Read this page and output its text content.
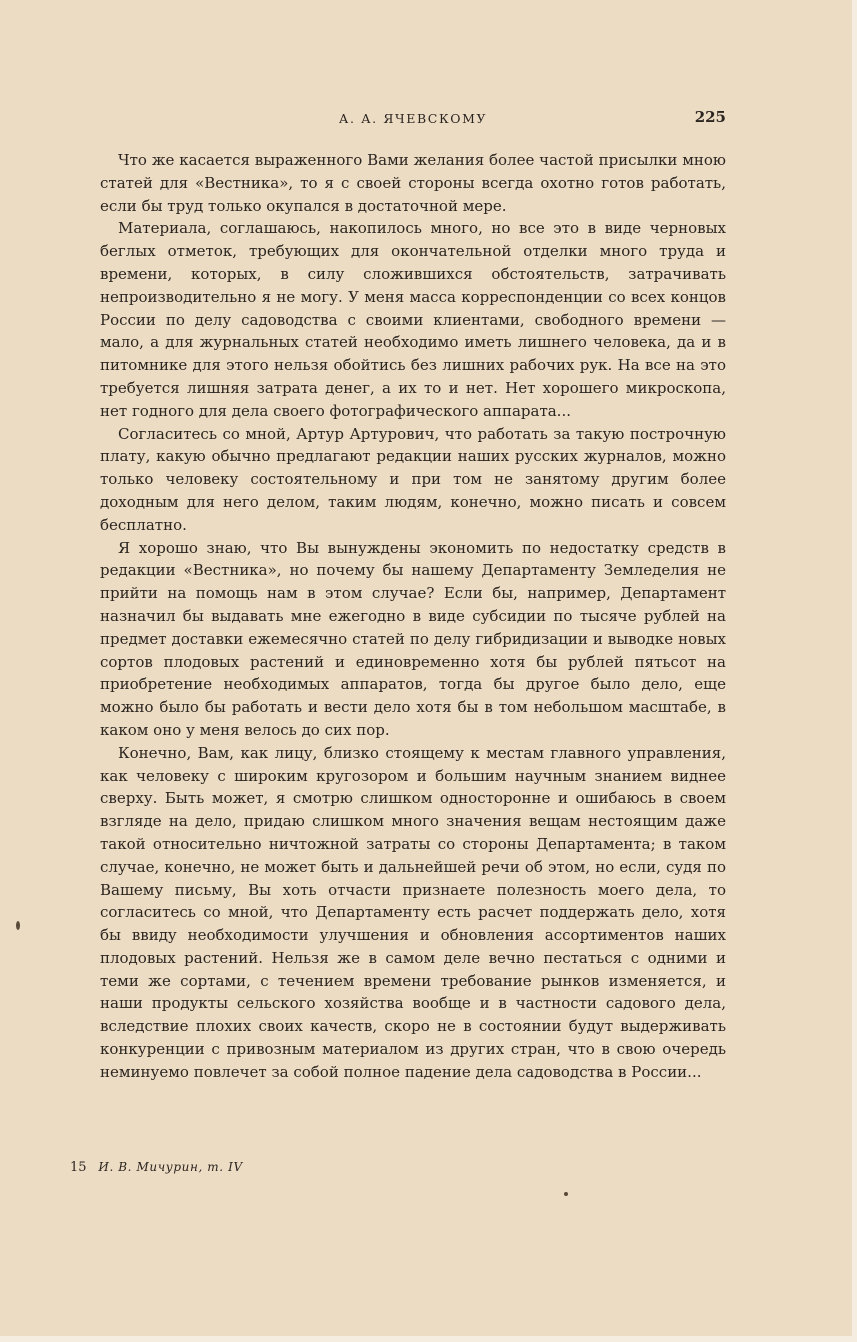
А. А. ЯЧЕВСКОМУ	225

Что же касается выраженного Вами желания более частой присылки мною статей для «Вестника», то я с своей стороны всегда охотно готов работать, если бы труд только окупался в достаточной мере.

Материала, соглашаюсь, накопилось много, но все это в виде черновых беглых отметок, требующих для окончательной отделки много труда и времени, которых, в силу сложившихся обстоятельств, затрачивать непроизводительно я не могу. У меня масса корреспонденции со всех концов России по делу садоводства с своими клиентами, свободного времени — мало, а для журнальных статей необходимо иметь лишнего человека, да и в питомнике для этого нельзя обойтись без лишних рабочих рук. На все на это требуется лишняя затрата денег, а их то и нет. Нет хорошего микроскопа, нет годного для дела своего фотографического аппарата...

Согласитесь со мной, Артур Артурович, что работать за такую построчную плату, какую обычно предлагают редакции наших русских журналов, можно только человеку состоятельному и при том не занятому другим более доходным для него делом, таким людям, конечно, можно писать и совсем бесплатно.

Я хорошо знаю, что Вы вынуждены экономить по недостатку средств в редакции «Вестника», но почему бы нашему Департаменту Земледелия не прийти на помощь нам в этом случае? Если бы, например, Департамент назначил бы выдавать мне ежегодно в виде субсидии по тысяче рублей на предмет доставки ежемесячно статей по делу гибридизации и выводке новых сортов плодовых растений и единовременно хотя бы рублей пятьсот на приобретение необходимых аппаратов, тогда бы другое было дело, еще можно было бы работать и вести дело хотя бы в том небольшом масштабе, в каком оно у меня велось до сих пор.

Конечно, Вам, как лицу, близко стоящему к местам главного управления, как человеку с широким кругозором и большим научным знанием виднее сверху. Быть может, я смотрю слишком односторонне и ошибаюсь в своем взгляде на дело, придаю слишком много значения вещам нестоящим даже такой относительно ничтожной затраты со стороны Департамента; в таком случае, конечно, не может быть и дальнейшей речи об этом, но если, судя по Вашему письму, Вы хоть отчасти признаете полезность моего дела, то согласитесь со мной, что Департаменту есть расчет поддержать дело, хотя бы ввиду необходимости улучшения и обновления ассортиментов наших плодовых растений. Нельзя же в самом деле вечно пестаться с одними и теми же сортами, с течением времени требование рынков изменяется, и наши продукты сельского хозяйства вообще и в частности садового дела, вследствие плохих своих качеств, скоро не в состоянии будут выдерживать конкуренции с привозным материалом из других стран, что в свою очередь неминуемо повлечет за собой полное падение дела садоводства в России...

15 И. В. Мичурин, т. IV
